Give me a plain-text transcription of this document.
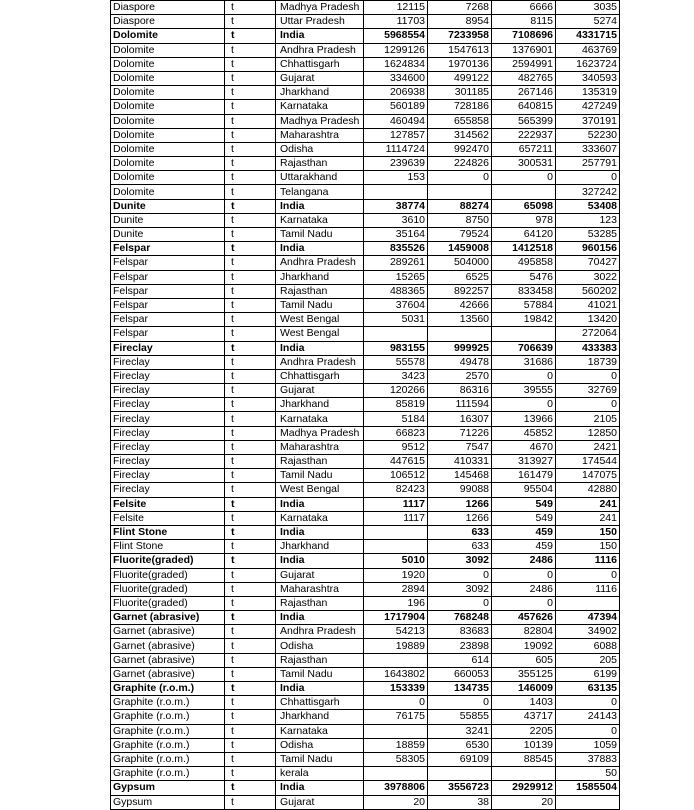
Diaspore	t	Madhya Pradesh	12115	7268	6666	3035
Diaspore	t	Uttar Pradesh	11703	8954	8115	5274
Dolomite	t	India	5968554	7233958	7108696	4331715
Dolomite	t	Andhra Pradesh	1299126	1547613	1376901	463769
Dolomite	t	Chhattisgarh	1624834	1970136	2594991	1623724
Dolomite	t	Gujarat	334600	499122	482765	340593
Dolomite	t	Jharkhand	206938	301185	267146	135319
Dolomite	t	Karnataka	560189	728186	640815	427249
Dolomite	t	Madhya Pradesh	460494	655858	565399	370191
Dolomite	t	Maharashtra	127857	314562	222937	52230
Dolomite	t	Odisha	1114724	992470	657211	333607
Dolomite	t	Rajasthan	239639	224826	300531	257791
Dolomite	t	Uttarakhand	153	0	0	0
Dolomite	t	Telangana				327242
Dunite	t	India	38774	88274	65098	53408
Dunite	t	Karnataka	3610	8750	978	123
Dunite	t	Tamil Nadu	35164	79524	64120	53285
Felspar	t	India	835526	1459008	1412518	960156
Felspar	t	Andhra Pradesh	289261	504000	495858	70427
Felspar	t	Jharkhand	15265	6525	5476	3022
Felspar	t	Rajasthan	488365	892257	833458	560202
Felspar	t	Tamil Nadu	37604	42666	57884	41021
Felspar	t	West Bengal	5031	13560	19842	13420
Felspar	t	West Bengal				272064
Fireclay	t	India	983155	999925	706639	433383
Fireclay	t	Andhra Pradesh	55578	49478	31686	18739
Fireclay	t	Chhattisgarh	3423	2570	0	0
Fireclay	t	Gujarat	120266	86316	39555	32769
Fireclay	t	Jharkhand	85819	111594	0	0
Fireclay	t	Karnataka	5184	16307	13966	2105
Fireclay	t	Madhya Pradesh	66823	71226	45852	12850
Fireclay	t	Maharashtra	9512	7547	4670	2421
Fireclay	t	Rajasthan	447615	410331	313927	174544
Fireclay	t	Tamil Nadu	106512	145468	161479	147075
Fireclay	t	West Bengal	82423	99088	95504	42880
Felsite	t	India	1117	1266	549	241
Felsite	t	Karnataka	1117	1266	549	241
Flint Stone	t	India		633	459	150
Flint Stone	t	Jharkhand		633	459	150
Fluorite(graded)	t	India	5010	3092	2486	1116
Fluorite(graded)	t	Gujarat	1920	0	0	0
Fluorite(graded)	t	Maharashtra	2894	3092	2486	1116
Fluorite(graded)	t	Rajasthan	196	0	0	
Garnet (abrasive)	t	India	1717904	768248	457626	47394
Garnet (abrasive)	t	Andhra Pradesh	54213	83683	82804	34902
Garnet (abrasive)	t	Odisha	19889	23898	19092	6088
Garnet (abrasive)	t	Rajasthan		614	605	205
Garnet (abrasive)	t	Tamil Nadu	1643802	660053	355125	6199
Graphite (r.o.m.)	t	India	153339	134735	146009	63135
Graphite (r.o.m.)	t	Chhattisgarh	0	0	1403	0
Graphite (r.o.m.)	t	Jharkhand	76175	55855	43717	24143
Graphite (r.o.m.)	t	Karnataka		3241	2205	0
Graphite (r.o.m.)	t	Odisha	18859	6530	10139	1059
Graphite (r.o.m.)	t	Tamil Nadu	58305	69109	88545	37883
Graphite (r.o.m.)	t	kerala				50
Gypsum	t	India	3978806	3556723	2929912	1585504
Gypsum	t	Gujarat	20	38	20	
